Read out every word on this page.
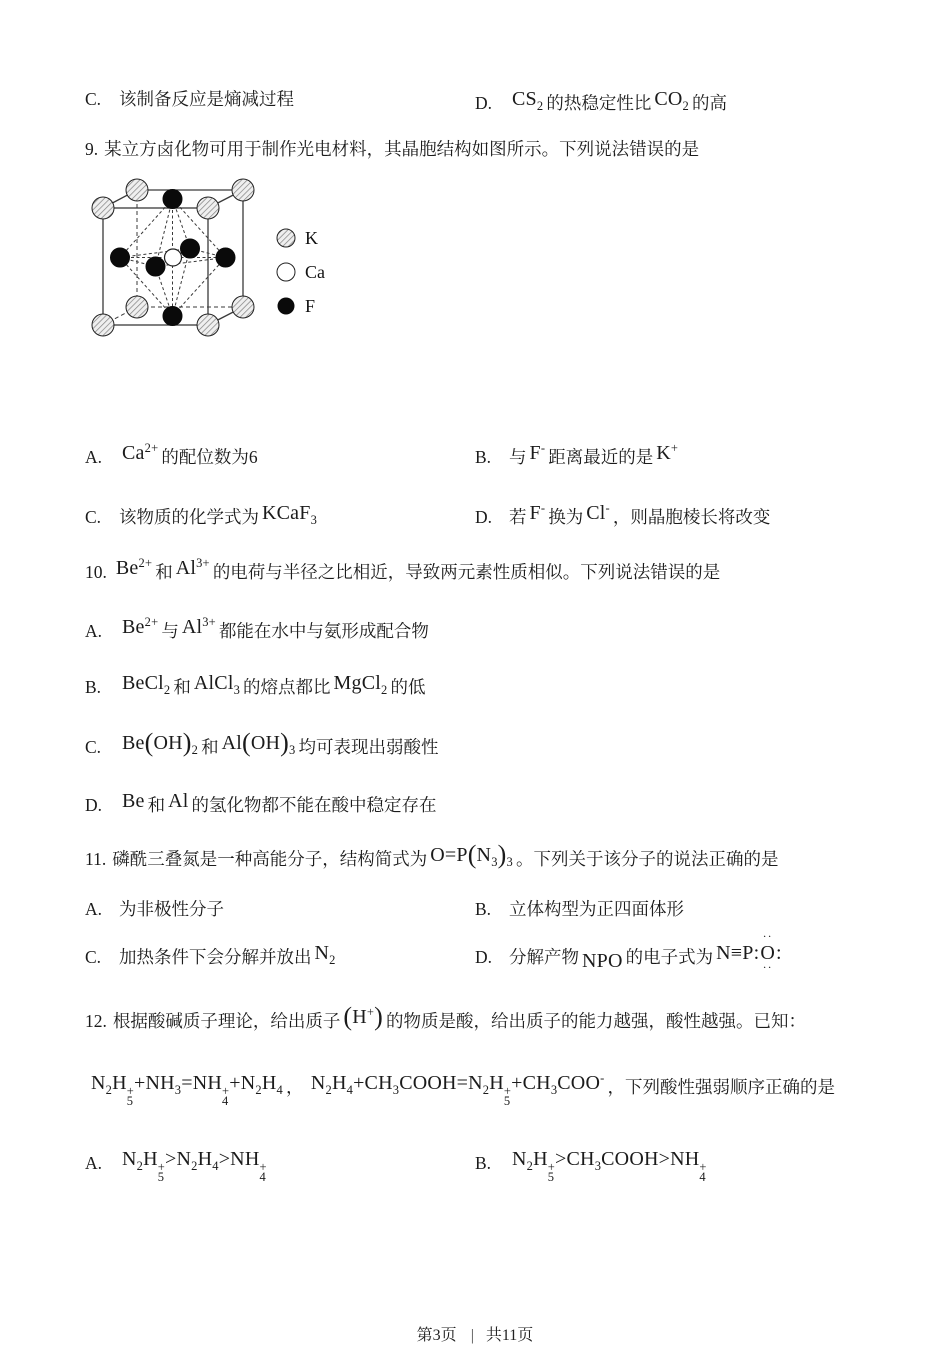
C. 该制备反应是熵减过程	D. $CS_2$ 的热稳定性比 $CO_2$ 的高
9. 某立方卤化物可用于制作光电材料，其晶胞结构如图所示。下列说法错误的是
K
Ca
F
A. $Ca^{2+}$ 的配位数为6	B. 与 F- 距离最近的是 K+
C. 该物质的化学式为 KCaF$_3$	D. 若 F- 换为 Cl- ，则晶胞棱长将改变
10. $Be^{2+}$ 和 $Al^{3+}$ 的电荷与半径之比相近，导致两元素性质相似。下列说法错误的是
A. $Be^{2+}$ 与 $Al^{3+}$ 都能在水中与氨形成配合物
B. BeCl$_2$ 和 AlCl$_3$ 的熔点都比 MgCl$_2$ 的低
C. $Be(OH)_2$ 和 $Al(OH)_3$ 均可表现出弱酸性
D. Be 和 Al 的氢化物都不能在酸中稳定存在
11. 磷酰三叠氮是一种高能分子，结构简式为 $O=P(N_3)_3$ 。下列关于该分子的说法正确的是
A. 为非极性分子	B. 立体构型为正四面体形
C. 加热条件下会分解并放出 $N_2$	D. 分解产物 NPO 的电子式为 N≡P:
··
O
··
:
12. 根据酸碱质子理论，给出质子 (H+) 的物质是酸，给出质子的能力越强，酸性越强。已知：
$N_2H$ +
5
$+NH_3=NH$ +
4
$+N_2H_4$ ， $N_2H_4+CH_3COOH=N_2H$ +
5
$+CH_3COO^-$ ，下列酸性强弱顺序正确的是
A. $N_2H$ +
5
$>N_2H_4>NH$ +
4
B. $N_2H$ +
5
$>CH_3COOH>NH$ +
4
第3页 | 共11页
